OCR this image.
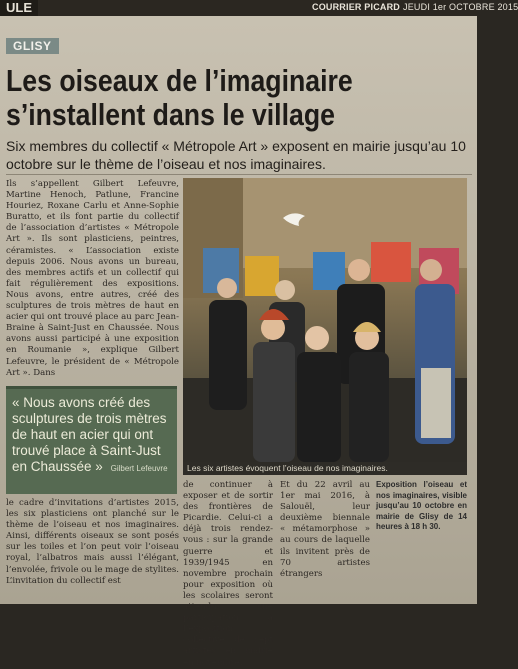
ULE	COURRIER PICARD JEUDI 1er OCTOBRE 2015
GLISY
Les oiseaux de l’imaginaire
s’installent dans le village
Six membres du collectif « Métropole Art » exposent en mairie jusqu’au 10 octobre sur le thème de l’oiseau et nos imaginaires.

Ils s’appellent Gilbert Lefeuvre, Martine Henoch, Patlune, Francine Houriez, Roxane Carlu et Anne-Sophie Buratto, et ils font partie du collectif de l’association d’artistes « Métropole Art ». Ils sont plasticiens, peintres, céramistes. « L’association existe depuis 2006. Nous avons un bureau, des membres actifs et un collectif qui fait régulièrement des expositions. Nous avons, entre autres, créé des sculptures de trois mètres de haut en acier qui ont trouvé place au parc Jean-Braine à Saint-Just en Chaussée. Nous avons aussi participé à une exposition en Roumanie », explique Gilbert Lefeuvre, le président de « Métropole Art ». Dans

« Nous avons créé des sculptures de trois mètres de haut en acier qui ont trouvé place à Saint-Just en Chaussée » Gilbert Lefeuvre

le cadre d’invitations d’artistes 2015, les six plasticiens ont planché sur le thème de l’oiseau et nos imaginaires. Ainsi, différents oiseaux se sont posés sur les toiles et l’on peut voir l’oiseau royal, l’albatros mais aussi l’élégant, l’envolée, frivole ou le mage de stylites. L’invitation du collectif est

Les six artistes évoquent l’oiseau de nos imaginaires.

de continuer à exposer et de sortir des frontières de Picardie. Celui-ci a déjà trois rendez-vous : sur la grande guerre et 1939/1945 en novembre prochain pour exposition où les scolaires seront attendus, une participation à l’exposition collective de sept artistes en mairie en novembre.

Et du 22 avril au 1er mai 2016, à Salouël, leur deuxième biennale « métamorphose » au cours de laquelle ils invitent près de 70 artistes étrangers

Exposition l’oiseau et nos imaginaires, visible jusqu’au 10 octobre en mairie de Glisy de 14 heures à 18 h 30.
